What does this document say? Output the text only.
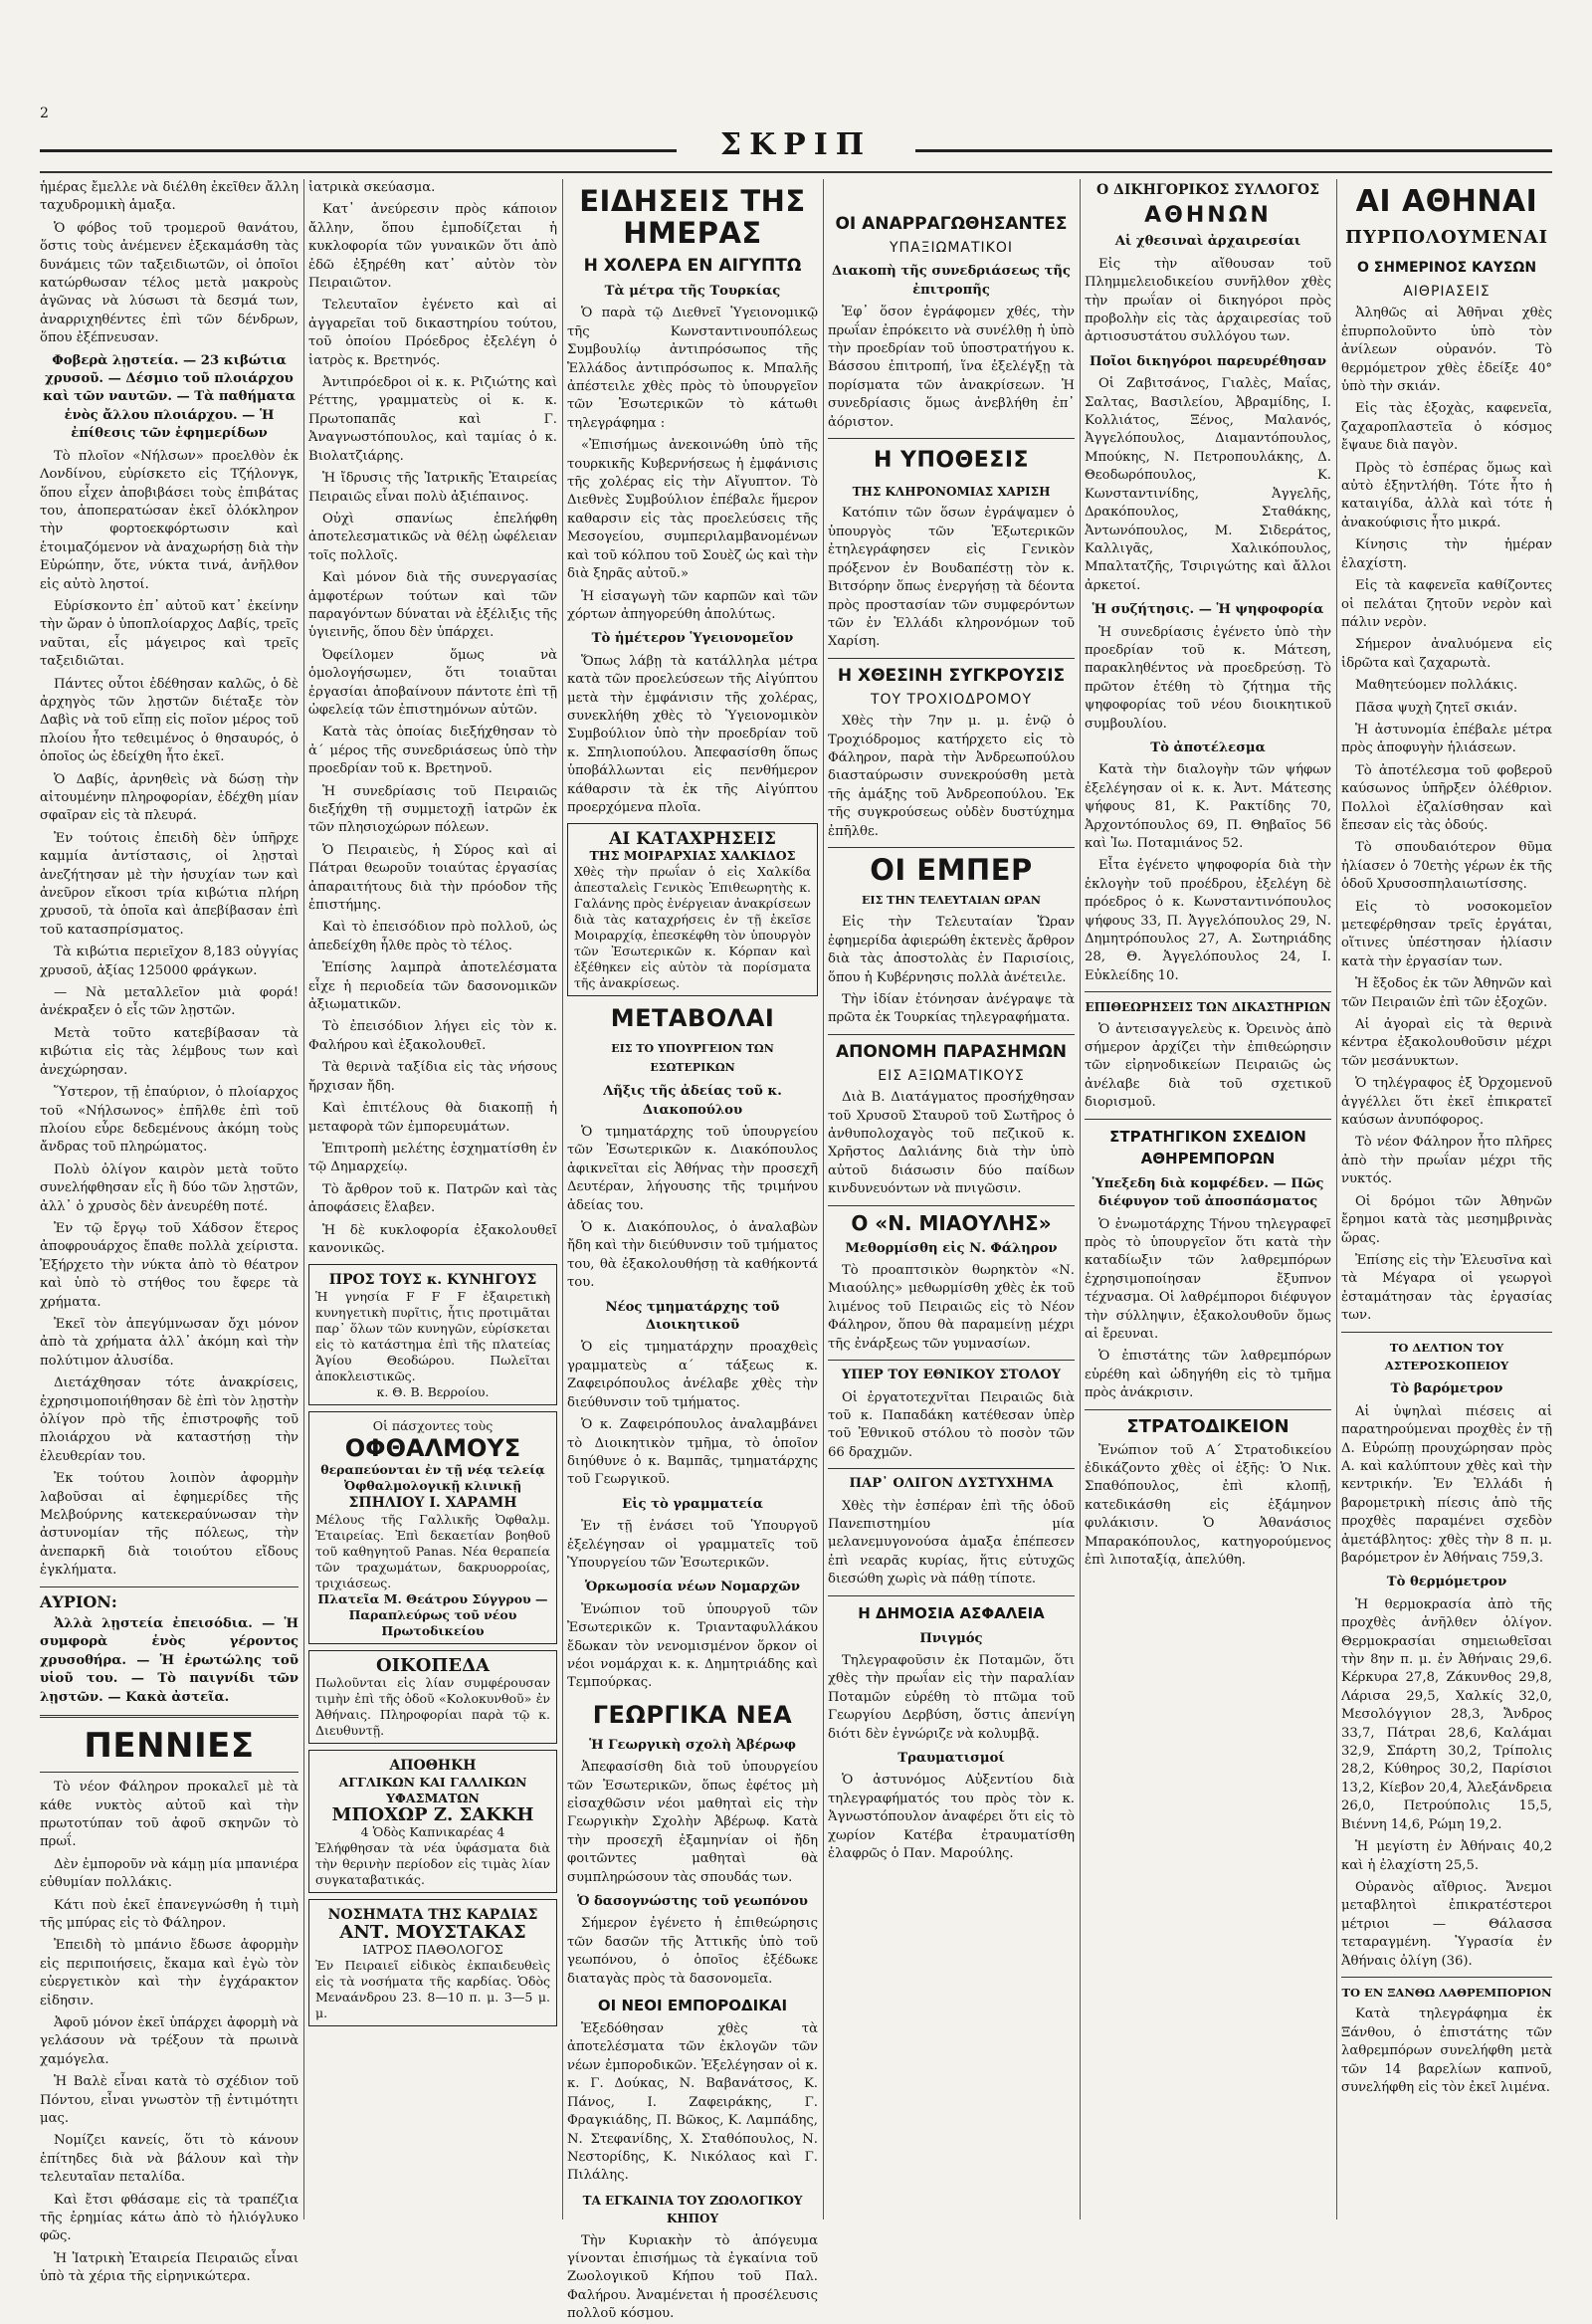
2
ΣΚΡΙΠ

ἡμέρας ἔμελλε νὰ διέλθη ἐκεῖθεν ἄλλη ταχυδρομικὴ ἁμαξα.

Ὁ φόβος τοῦ τρομεροῦ θανάτου, ὅστις τοὺς ἀνέμενεν ἐξεκαμάσθη τὰς δυνάμεις τῶν ταξειδιωτῶν, οἱ ὁποῖοι κατώρθωσαν τέλος μετὰ μακροὺς ἀγῶνας νὰ λύσωσι τὰ δεσμά των, ἀναρριχηθέντες ἐπὶ τῶν δένδρων, ὅπου ἐξέπνευσαν.

Φοβερὰ λῃστεία. — 23 κιβώτια χρυσοῦ. — Δέσμιο τοῦ πλοιάρχου καὶ τῶν ναυτῶν. — Τὰ παθήματα ἑνὸς ἄλλου πλοιάρχου. — Ἡ ἐπίθεσις τῶν ἐφημερίδων

Τὸ πλοῖον «Νήλσων» προελθὸν ἐκ Λονδίνου, εὑρίσκετο εἰς Τζήλονγκ, ὅπου εἶχεν ἀποβιβάσει τοὺς ἐπιβάτας του, ἀποπερατώσαν ἐκεῖ ὁλόκληρον τὴν φορτοεκφόρτωσιν καὶ ἑτοιμαζόμενον νὰ ἀναχωρήσῃ διὰ τὴν Εὐρώπην, ὅτε, νύκτα τινά, ἀνῆλθον εἰς αὐτὸ ληστοί.

Εὑρίσκοντο ἐπ᾽ αὐτοῦ κατ᾽ ἐκείνην τὴν ὥραν ὁ ὑποπλοίαρχος Δαβίς, τρεῖς ναῦται, εἷς μάγειρος καὶ τρεῖς ταξειδιῶται.

Πάντες οὗτοι ἐδέθησαν καλῶς, ὁ δὲ ἀρχηγὸς τῶν λῃστῶν διέταξε τὸν Δαβὶς νὰ τοῦ εἴπῃ εἰς ποῖον μέρος τοῦ πλοίου ἦτο τεθειμένος ὁ θησαυρός, ὁ ὁποῖος ὡς ἐδείχθη ἦτο ἐκεῖ.

Ὁ Δαβίς, ἀρνηθεὶς νὰ δώσῃ τὴν αἰτουμένην πληροφορίαν, ἐδέχθη μίαν σφαῖραν εἰς τὰ πλευρά.

Ἐν τούτοις ἐπειδὴ δὲν ὑπῆρχε καμμία ἀντίστασις, οἱ λῃσταὶ ἀνεζήτησαν μὲ τὴν ἡσυχίαν των καὶ ἀνεῦρον εἴκοσι τρία κιβώτια πλήρη χρυσοῦ, τὰ ὁποῖα καὶ ἀπεβίβασαν ἐπὶ τοῦ κατασπρίσματος.

Τὰ κιβώτια περιεῖχον 8,183 οὐγγίας χρυσοῦ, ἀξίας 125000 φράγκων.

— Νὰ μεταλλεῖον μιὰ φορά! ἀνέκραξεν ὁ εἷς τῶν λῃστῶν.

Μετὰ τοῦτο κατεβίβασαν τὰ κιβώτια εἰς τὰς λέμβους των καὶ ἀνεχώρησαν.

Ὕστερον, τῇ ἐπαύριον, ὁ πλοίαρχος τοῦ «Νήλσωνος» ἐπῆλθε ἐπὶ τοῦ πλοίου εὗρε δεδεμένους ἀκόμη τοὺς ἄνδρας τοῦ πληρώματος.

Πολὺ ὀλίγον καιρὸν μετὰ τοῦτο συνελήφθησαν εἷς ἢ δύο τῶν λῃστῶν, ἀλλ᾽ ὁ χρυσὸς δὲν ἀνευρέθη ποτέ.

Ἐν τῷ ἔργῳ τοῦ Χάδσον ἕτερος ἀποφρουάρχος ἔπαθε πολλὰ χείριστα. Ἐξήρχετο τὴν νύκτα ἀπὸ τὸ θέατρον καὶ ὑπὸ τὸ στήθος του ἔφερε τὰ χρήματα.

Ἐκεῖ τὸν ἀπεγύμνωσαν ὄχι μόνον ἀπὸ τὰ χρήματα ἀλλ᾽ ἀκόμη καὶ τὴν πολύτιμον ἀλυσίδα.

Διετάχθησαν τότε ἀνακρίσεις, ἐχρησιμοποιήθησαν δὲ ἐπὶ τὸν λῃστὴν ὀλίγον πρὸ τῆς ἐπιστροφῆς τοῦ πλοιάρχου νὰ καταστήσῃ τὴν ἐλευθερίαν του.

Ἐκ τούτου λοιπὸν ἀφορμὴν λαβοῦσαι αἱ ἐφημερίδες τῆς Μελβούρνης κατεκεραύνωσαν τὴν ἀστυνομίαν τῆς πόλεως, τὴν ἀνεπαρκῆ διὰ τοιούτου εἴδους ἐγκλήματα.

ΑΥΡΙΟΝ:

Ἀλλὰ λῃστεία ἐπεισόδια. — Ἡ συμφορὰ ἑνὸς γέροντος χρυσοθήρα. — Ἡ ἐρωτώλης τοῦ υἱοῦ του. — Τὸ παιγνίδι τῶν λῃστῶν. — Κακὰ ἀστεῖα.

ΠΕΝΝΙΕΣ

Τὸ νέον Φάληρον προκαλεῖ μὲ τὰ κάθε νυκτὸς αὐτοῦ καὶ τὴν πρωτοτύπαν τοῦ ἀφοῦ σκηνῶν τὸ πρωΐ.

Δὲν ἐμποροῦν νὰ κάμῃ μία μπανιέρα εὐθυμίαν πολλάκις.

Κάτι ποὺ ἐκεῖ ἐπανεγνώσθη ἡ τιμὴ τῆς μπύρας εἰς τὸ Φάληρον.

Ἐπειδὴ τὸ μπάνιο ἔδωσε ἀφορμὴν εἰς περιποιήσεις, ἔκαμα καὶ ἐγὼ τὸν εὐεργετικὸν καὶ τὴν ἐγχάρακτον εἰδησιν.

Ἀφοῦ μόνον ἐκεῖ ὑπάρχει ἀφορμὴ νὰ γελάσουν νὰ τρέξουν τὰ πρωινὰ χαμόγελα.

Ἡ Βαλὲ εἶναι κατὰ τὸ σχέδιον τοῦ Πόντου, εἶναι γνωστὸν τῇ ἐντιμότητι μας.

Νομίζει κανείς, ὅτι τὸ κάνουν ἐπίτηδες διὰ νὰ βάλουν καὶ τὴν τελευταῖαν πεταλίδα.

Καὶ ἔτσι φθάσαμε εἰς τὰ τραπέζια τῆς ἐρημίας κάτω ἀπὸ τὸ ἡλιόγλυκο φῶς.

Ἡ Ἰατρικὴ Ἑταιρεία Πειραιῶς εἶναι ὑπὸ τὰ χέρια τῆς εἰρηνικώτερα.

ἰατρικὰ σκεύασμα.

Κατ᾽ ἀνεύρεσιν πρὸς κάποιον ἄλλην, ὅπου ἐμποδίζεται ἡ κυκλοφορία τῶν γυναικῶν ὅτι ἀπὸ ἐδῶ ἐξηρέθη κατ᾽ αὐτὸν τὸν Πειραιῶτον.

Τελευταῖον ἐγένετο καὶ αἱ ἀγγαρεῖαι τοῦ δικαστηρίου τούτου, τοῦ ὁποίου Πρόεδρος ἐξελέγη ὁ ἰατρὸς κ. Βρετηνός.

Ἀντιπρόεδροι οἱ κ. κ. Ριζιώτης καὶ Ρέττης, γραμματεὺς οἱ κ. κ. Πρωτοπαπᾶς καὶ Γ. Ἀναγνωστόπουλος, καὶ ταμίας ὁ κ. Βιολατζιάρης.

Ἡ ἴδρυσις τῆς Ἰατρικῆς Ἑταιρείας Πειραιῶς εἶναι πολὺ ἀξιέπαινος.

Οὐχὶ σπανίως ἐπελήφθη ἀποτελεσματικῶς νὰ θέλῃ ὠφέλειαν τοῖς πολλοῖς.

Καὶ μόνον διὰ τῆς συνεργασίας ἀμφοτέρων τούτων καὶ τῶν παραγόντων δύναται νὰ ἐξέλιξις τῆς ὑγιεινῆς, ὅπου δὲν ὑπάρχει.

Ὀφείλομεν ὅμως νὰ ὁμολογήσωμεν, ὅτι τοιαῦται ἐργασίαι ἀποβαίνουν πάντοτε ἐπὶ τῇ ὠφελείᾳ τῶν ἐπιστημόνων αὐτῶν.

Κατὰ τὰς ὁποίας διεξήχθησαν τὸ ἀ΄ μέρος τῆς συνεδριάσεως ὑπὸ τὴν προεδρίαν τοῦ κ. Βρετηνοῦ.

Ἡ συνεδρίασις τοῦ Πειραιῶς διεξήχθη τῇ συμμετοχῇ ἰατρῶν ἐκ τῶν πλησιοχώρων πόλεων.

Ὁ Πειραιεὺς, ἡ Σύρος καὶ αἱ Πάτραι θεωροῦν τοιαύτας ἐργασίας ἀπαραιτήτους διὰ τὴν πρόοδον τῆς ἐπιστήμης.

Καὶ τὸ ἐπεισόδιον πρὸ πολλοῦ, ὡς ἀπεδείχθη ἦλθε πρὸς τὸ τέλος.

Ἐπίσης λαμπρὰ ἀποτελέσματα εἶχε ἡ περιοδεία τῶν δασονομικῶν ἀξιωματικῶν.

Τὸ ἐπεισόδιον λήγει εἰς τὸν κ. Φαλήρου καὶ ἐξακολουθεῖ.

Τὰ θερινὰ ταξίδια εἰς τὰς νήσους ἤρχισαν ἤδη.

Καὶ ἐπιτέλους θὰ διακοπῇ ἡ μεταφορὰ τῶν ἐμπορευμάτων.

Ἐπιτροπὴ μελέτης ἐσχηματίσθη ἐν τῷ Δημαρχείῳ.

Τὸ ἄρθρον τοῦ κ. Πατρῶν καὶ τὰς ἀποφάσεις ἔλαβεν.

Ἡ δὲ κυκλοφορία ἐξακολουθεῖ κανονικῶς.

ΠΡΟΣ ΤΟΥΣ κ. ΚΥΝΗΓΟΥΣ
Ἡ γνησία F F F ἐξαιρετικὴ κυνηγετικὴ πυρῖτις, ἧτις προτιμᾶται παρ᾽ ὅλων τῶν κυνηγῶν, εὑρίσκεται εἰς τὸ κατάστημα ἐπὶ τῆς πλατείας Ἁγίου Θεοδώρου. Πωλεῖται ἀποκλειστικῶς.
κ. Θ. Β. Βερροίου.
Οἱ πάσχοντες τοὺς
ΟΦΘΑΛΜΟΥΣ
θεραπεύονται ἐν τῇ νέᾳ τελείᾳ Ὀφθαλμολογικῇ κλινικῇ
ΣΠΗΛΙΟΥ Ι. ΧΑΡΑΜΗ
Μέλους τῆς Γαλλικῆς Ὀφθαλμ. Ἑταιρείας. Ἐπὶ δεκαετίαν βοηθοῦ τοῦ καθηγητοῦ Panas. Νέα θεραπεία τῶν τραχωμάτων, δακρυορροίας, τριχιάσεως.
Πλατεῖα Μ. Θεάτρου Σύγγρου — Παραπλεύρως τοῦ νέου Πρωτοδικείου
ΟΙΚΟΠΕΔΑ
Πωλοῦνται εἰς λίαν συμφέρουσαν τιμὴν ἐπὶ τῆς ὁδοῦ «Κολοκυνθοῦ» ἐν Ἀθήναις. Πληροφορίαι παρὰ τῷ κ. Διευθυντῇ.
ΑΠΟΘΗΚΗ
ΑΓΓΛΙΚΩΝ ΚΑΙ ΓΑΛΛΙΚΩΝ ΥΦΑΣΜΑΤΩΝ
ΜΠΟΧΩΡ Ζ. ΣΑΚΚΗ
4 Ὁδὸς Καπνικαρέας 4
Ἐλήφθησαν τὰ νέα ὑφάσματα διὰ τὴν θερινὴν περίοδον εἰς τιμὰς λίαν συγκαταβατικάς.
ΝΟΣΗΜΑΤΑ ΤΗΣ ΚΑΡΔΙΑΣ
ΑΝΤ. ΜΟΥΣΤΑΚΑΣ
ΙΑΤΡΟΣ ΠΑΘΟΛΟΓΟΣ
Ἐν Πειραιεῖ εἰδικὸς ἐκπαιδευθεὶς εἰς τὰ νοσήματα τῆς καρδίας. Ὁδὸς Μεναάνδρου 23. 8—10 π. μ. 3—5 μ. μ.
ΕΙΔΗΣΕΙΣ ΤΗΣ ΗΜΕΡΑΣ
Η ΧΟΛΕΡΑ ΕΝ ΑΙΓΥΠΤΩ
Τὰ μέτρα τῆς Τουρκίας

Ὁ παρὰ τῷ Διεθνεῖ Ὑγειονομικῷ τῆς Κωνσταντινουπόλεως Συμβουλίῳ ἀντιπρόσωπος τῆς Ἑλλάδος ἀντιπρόσωπος κ. Μπαλῆς ἀπέστειλε χθὲς πρὸς τὸ ὑπουργεῖον τῶν Ἐσωτερικῶν τὸ κάτωθι τηλεγράφημα :

«Ἐπισήμως ἀνεκοινώθη ὑπὸ τῆς τουρκικῆς Κυβερνήσεως ἡ ἐμφάνισις τῆς χολέρας εἰς τὴν Αἴγυπτον. Τὸ Διεθνὲς Συμβούλιον ἐπέβαλε ἥμερον καθαρσιν εἰς τὰς προελεύσεις τῆς Μεσογείου, συμπεριλαμβανομένων καὶ τοῦ κόλπου τοῦ Σουὲζ ὡς καὶ τὴν διὰ ξηρᾶς αὐτοῦ.»

Ἡ εἰσαγωγὴ τῶν καρπῶν καὶ τῶν χόρτων ἀπηγορεύθη ἀπολύτως.

Τὸ ἡμέτερον Ὑγειονομεῖον

Ὅπως λάβῃ τὰ κατάλληλα μέτρα κατὰ τῶν προελεύσεων τῆς Αἰγύπτου μετὰ τὴν ἐμφάνισιν τῆς χολέρας, συνεκλήθη χθὲς τὸ Ὑγειονομικὸν Συμβούλιον ὑπὸ τὴν προεδρίαν τοῦ κ. Σπηλιοπούλου. Ἀπεφασίσθη ὅπως ὑποβάλλωνται εἰς πενθήμερον κάθαρσιν τὰ ἐκ τῆς Αἰγύπτου προερχόμενα πλοῖα.

ΑΙ ΚΑΤΑΧΡΗΣΕΙΣ
ΤΗΣ ΜΟΙΡΑΡΧΙΑΣ ΧΑΛΚΙΔΟΣ
Χθὲς τὴν πρωΐαν ὁ εἰς Χαλκίδα ἀπεσταλεὶς Γενικὸς Ἐπιθεωρητὴς κ. Γαλάνης πρὸς ἐνέργειαν ἀνακρίσεων διὰ τὰς καταχρήσεις ἐν τῇ ἐκεῖσε Μοιραρχίᾳ, ἐπεσκέφθη τὸν ὑπουργὸν τῶν Ἐσωτερικῶν κ. Κόρπαν καὶ ἐξέθηκεν εἰς αὐτὸν τὰ πορίσματα τῆς ἀνακρίσεως.
ΜΕΤΑΒΟΛΑΙ
ΕΙΣ ΤΟ ΥΠΟΥΡΓΕΙΟΝ ΤΩΝ ΕΣΩΤΕΡΙΚΩΝ
Λῆξις τῆς ἀδείας τοῦ κ. Διακοπούλου

Ὁ τμηματάρχης τοῦ ὑπουργείου τῶν Ἐσωτερικῶν κ. Διακόπουλος ἀφικνεῖται εἰς Ἀθήνας τὴν προσεχῆ Δευτέραν, λήγουσης τῆς τριμήνου ἀδείας του.

Ὁ κ. Διακόπουλος, ὁ ἀναλαβὼν ἤδη καὶ τὴν διεύθυνσιν τοῦ τμήματος του, θὰ ἐξακολουθήσῃ τὰ καθήκοντά του.

Νέος τμηματάρχης τοῦ Διοικητικοῦ

Ὁ εἰς τμηματάρχην προαχθεὶς γραμματεὺς α΄ τάξεως κ. Ζαφειρόπουλος ἀνέλαβε χθὲς τὴν διεύθυνσιν τοῦ τμήματος.

Ὁ κ. Ζαφειρόπουλος ἀναλαμβάνει τὸ Διοικητικὸν τμῆμα, τὸ ὁποῖον διηύθυνε ὁ κ. Βαμπᾶς, τμηματάρχης τοῦ Γεωργικοῦ.

Εἰς τὸ γραμματεία

Ἐν τῇ ἐνάσει τοῦ Ὑπουργοῦ ἐξελέγησαν οἱ γραμματεῖς τοῦ Ὑπουργείου τῶν Ἐσωτερικῶν.

Ὁρκωμοσία νέων Νομαρχῶν

Ἐνώπιον τοῦ ὑπουργοῦ τῶν Ἐσωτερικῶν κ. Τριανταφυλλάκου ἔδωκαν τὸν νενομισμένον ὅρκον οἱ νέοι νομάρχαι κ. κ. Δημητριάδης καὶ Τεμπούρκας.

ΓΕΩΡΓΙΚΑ ΝΕΑ
Ἡ Γεωργικὴ σχολὴ Ἀβέρωφ

Ἀπεφασίσθη διὰ τοῦ ὑπουργείου τῶν Ἐσωτερικῶν, ὅπως ἐφέτος μὴ εἰσαχθῶσιν νέοι μαθηταὶ εἰς τὴν Γεωργικὴν Σχολὴν Ἀβέρωφ. Κατὰ τὴν προσεχῆ ἐξαμηνίαν οἱ ἤδη φοιτῶντες μαθηταὶ θὰ συμπληρώσουν τὰς σπουδάς των.

Ὁ δασογνώστης τοῦ γεωπόνου

Σήμερον ἐγένετο ἡ ἐπιθεώρησις τῶν δασῶν τῆς Ἀττικῆς ὑπὸ τοῦ γεωπόνου, ὁ ὁποῖος ἐξέδωκε διαταγὰς πρὸς τὰ δασονομεῖα.

ΟΙ ΝΕΟΙ ΕΜΠΟΡΟΔΙΚΑΙ

Ἐξεδόθησαν χθὲς τὰ ἀποτελέσματα τῶν ἐκλογῶν τῶν νέων ἐμποροδικῶν. Ἐξελέγησαν οἱ κ. κ. Γ. Δούκας, Ν. Βαβανάτσος, Κ. Πάνος, Ι. Ζαφειράκης, Γ. Φραγκιάδης, Π. Βῶκος, Κ. Λαμπάδης, Ν. Στεφανίδης, Χ. Σταθόπουλος, Ν. Νεστορίδης, Κ. Νικόλαος καὶ Γ. Πιλάλης.

ΤΑ ΕΓΚΑΙΝΙΑ ΤΟΥ ΖΩΟΛΟΓΙΚΟΥ ΚΗΠΟΥ

Τὴν Κυριακὴν τὸ ἀπόγευμα γίνονται ἐπισήμως τὰ ἐγκαίνια τοῦ Ζωολογικοῦ Κήπου τοῦ Παλ. Φαλήρου. Ἀναμένεται ἡ προσέλευσις πολλοῦ κόσμου.

ΟΙ ΑΝΑΡΡΑΓΩΘΗΣΑΝΤΕΣ
ΥΠΑΞΙΩΜΑΤΙΚΟΙ
Διακοπὴ τῆς συνεδριάσεως τῆς ἐπιτροπῆς

Ἐφ᾽ ὅσον ἐγράφομεν χθές, τὴν πρωΐαν ἐπρόκειτο νὰ συνέλθῃ ἡ ὑπὸ τὴν προεδρίαν τοῦ ὑποστρατήγου κ. Βάσσου ἐπιτροπή, ἵνα ἐξελέγξῃ τὰ πορίσματα τῶν ἀνακρίσεων. Ἡ συνεδρίασις ὅμως ἀνεβλήθη ἐπ᾽ ἀόριστον.

Η ΥΠΟΘΕΣΙΣ
ΤΗΣ ΚΛΗΡΟΝΟΜΙΑΣ ΧΑΡΙΣΗ

Κατόπιν τῶν ὅσων ἐγράψαμεν ὁ ὑπουργὸς τῶν Ἐξωτερικῶν ἐτηλεγράφησεν εἰς Γενικὸν πρόξενον ἐν Βουδαπέστῃ τὸν κ. Βιτσόρην ὅπως ἐνεργήσῃ τὰ δέοντα πρὸς προστασίαν τῶν συμφερόντων τῶν ἐν Ἑλλάδι κληρονόμων τοῦ Χαρίση.

Η ΧΘΕΣΙΝΗ ΣΥΓΚΡΟΥΣΙΣ
ΤΟΥ ΤΡΟΧΙΟΔΡΟΜΟΥ

Χθὲς τὴν 7ην μ. μ. ἐνῷ ὁ Τροχιόδρομος κατήρχετο εἰς τὸ Φάληρον, παρὰ τὴν Ἀνδρεωπούλου διασταύρωσιν συνεκρούσθη μετὰ τῆς ἁμάξης τοῦ Ἀνδρεοπούλου. Ἐκ τῆς συγκρούσεως οὐδὲν δυστύχημα ἐπῆλθε.

ΟΙ ΕΜΠΕΡ
ΕΙΣ ΤΗΝ ΤΕΛΕΥΤΑΙΑΝ ΩΡΑΝ

Εἰς τὴν Τελευταίαν Ὥραν ἐφημερίδα ἀφιερώθη ἐκτενὲς ἄρθρον διὰ τὰς ἀποστολὰς ἐν Παρισίοις, ὅπου ἡ Κυβέρνησις πολλὰ ἀνέτειλε.

Τὴν ἰδίαν ἐτόνησαν ἀνέγραψε τὰ πρῶτα ἐκ Τουρκίας τηλεγραφήματα.

ΑΠΟΝΟΜΗ ΠΑΡΑΣΗΜΩΝ
ΕΙΣ ΑΞΙΩΜΑΤΙΚΟΥΣ

Διὰ Β. Διατάγματος προσήχθησαν τοῦ Χρυσοῦ Σταυροῦ τοῦ Σωτῆρος ὁ ἀνθυπολοχαγὸς τοῦ πεζικοῦ κ. Χρῆστος Δαλιάνης διὰ τὴν ὑπὸ αὐτοῦ διάσωσιν δύο παίδων κινδυνευόντων νὰ πνιγῶσιν.

Ο «Ν. ΜΙΑΟΥΛΗΣ»
Μεθορμίσθη εἰς Ν. Φάληρον

Τὸ προαπτσικὸν θωρηκτὸν «Ν. Μιαούλης» μεθωρμίσθη χθὲς ἐκ τοῦ λιμένος τοῦ Πειραιῶς εἰς τὸ Νέον Φάληρον, ὅπου θὰ παραμείνῃ μέχρι τῆς ἐνάρξεως τῶν γυμνασίων.

ΥΠΕΡ ΤΟΥ ΕΘΝΙΚΟΥ ΣΤΟΛΟΥ

Οἱ ἐργατοτεχνῖται Πειραιῶς διὰ τοῦ κ. Παπαδάκη κατέθεσαν ὑπὲρ τοῦ Ἐθνικοῦ στόλου τὸ ποσὸν τῶν 66 δραχμῶν.

ΠΑΡ᾽ ΟΛΙΓΟΝ ΔΥΣΤΥΧΗΜΑ

Χθὲς τὴν ἑσπέραν ἐπὶ τῆς ὁδοῦ Πανεπιστημίου μία μελανεμυγονούσα ἀμαξα ἐπέπεσεν ἐπὶ νεαρᾶς κυρίας, ἥτις εὐτυχῶς διεσώθη χωρὶς νὰ πάθῃ τίποτε.

Η ΔΗΜΟΣΙΑ ΑΣΦΑΛΕΙΑ
Πνιγμός

Τηλεγραφοῦσιν ἐκ Ποταμῶν, ὅτι χθὲς τὴν πρωΐαν εἰς τὴν παραλίαν Ποταμῶν εὑρέθη τὸ πτῶμα τοῦ Γεωργίου Δερβύση, ὅστις ἀπενίγη διότι δὲν ἐγνώριζε νὰ κολυμβᾷ.

Τραυματισμοί

Ὁ ἀστυνόμος Αὐξεντίου διὰ τηλεγραφήματός του πρὸς τὸν κ. Ἀγνωστόπουλον ἀναφέρει ὅτι εἰς τὸ χωρίον Κατέβα ἐτραυματίσθη ἐλαφρῶς ὁ Παν. Μαρούλης.

Ο ΔΙΚΗΓΟΡΙΚΟΣ ΣΥΛΛΟΓΟΣ
ΑΘΗΝΩΝ
Αἱ χθεσιναὶ ἀρχαιρεσίαι

Εἰς τὴν αἴθουσαν τοῦ Πλημμελειοδικείου συνῆλθον χθὲς τὴν πρωΐαν οἱ δικηγόροι πρὸς προβολὴν εἰς τὰς ἀρχαιρεσίας τοῦ ἀρτιοσυστάτου συλλόγου των.

Ποῖοι δικηγόροι παρευρέθησαν

Οἱ Ζαβιτσάνος, Γιαλὲς, Μαΐας, Σαλτας, Βασιλείου, Ἀβραμίδης, Ι. Κολλιάτος, Ξένος, Μαλανός, Ἀγγελόπουλος, Διαμαντόπουλος, Μπούκης, Ν. Πετροπουλάκης, Δ. Θεοδωρόπουλος, Κ. Κωνσταντινίδης, Ἀγγελῆς, Δρακόπουλος, Σταθάκης, Ἀντωνόπουλος, Μ. Σιδεράτος, Καλλιγᾶς, Χαλικόπουλος, Μπαλτατζῆς, Τσιριγώτης καὶ ἄλλοι ἀρκετοί.

Ἡ συζήτησις. — Ἡ ψηφοφορία

Ἡ συνεδρίασις ἐγένετο ὑπὸ τὴν προεδρίαν τοῦ κ. Μάτεση, παρακληθέντος νὰ προεδρεύσῃ. Τὸ πρῶτον ἐτέθη τὸ ζήτημα τῆς ψηφοφορίας τοῦ νέου διοικητικοῦ συμβουλίου.

Τὸ ἀποτέλεσμα

Κατὰ τὴν διαλογὴν τῶν ψήφων ἐξελέγησαν οἱ κ. κ. Ἀντ. Μάτεσης ψήφους 81, Κ. Ρακτίδης 70, Ἀρχοντόπουλος 69, Π. Θηβαῖος 56 καὶ Ἰω. Ποταμιάνος 52.

Εἶτα ἐγένετο ψηφοφορία διὰ τὴν ἐκλογὴν τοῦ προέδρου, ἐξελέγη δὲ πρόεδρος ὁ κ. Κωνσταντινόπουλος ψήφους 33, Π. Ἀγγελόπουλος 29, Ν. Δημητρόπουλος 27, Α. Σωτηριάδης 28, Θ. Ἀγγελόπουλος 24, Ι. Εὐκλείδης 10.

ΕΠΙΘΕΩΡΗΣΕΙΣ ΤΩΝ ΔΙΚΑΣΤΗΡΙΩΝ

Ὁ ἀντεισαγγελεὺς κ. Ὀρεινὸς ἀπὸ σήμερον ἀρχίζει τὴν ἐπιθεώρησιν τῶν εἰρηνοδικείων Πειραιῶς ὡς ἀνέλαβε διὰ τοῦ σχετικοῦ διορισμοῦ.

ΣΤΡΑΤΗΓΙΚΟΝ ΣΧΕΔΙΟΝ ΑΘΗΡΕΜΠΟΡΩΝ
Ὑπεξεδη διὰ κομφέδεν. — Πῶς διέφυγον τοῦ ἀποσπάσματος

Ὁ ἐνωμοτάρχης Τήνου τηλεγραφεῖ πρὸς τὸ ὑπουργεῖον ὅτι κατὰ τὴν καταδίωξιν τῶν λαθρεμπόρων ἐχρησιμοποίησαν ἔξυπνον τέχνασμα. Οἱ λαθρέμποροι διέφυγον τὴν σύλληψιν, ἐξακολουθοῦν ὅμως αἱ ἔρευναι.

Ὁ ἐπιστάτης τῶν λαθρεμπόρων εὑρέθη καὶ ὡδηγήθη εἰς τὸ τμῆμα πρὸς ἀνάκρισιν.

ΣΤΡΑΤΟΔΙΚΕΙΟΝ

Ἐνώπιον τοῦ Α΄ Στρατοδικείου ἐδικάζοντο χθὲς οἱ ἑξῆς: Ὁ Νικ. Σπαθόπουλος, ἐπὶ κλοπῇ, κατεδικάσθη εἰς ἑξάμηνον φυλάκισιν. Ὁ Ἀθανάσιος Μπαρακόπουλος, κατηγορούμενος ἐπὶ λιποταξίᾳ, ἀπελύθη.

ΑΙ ΑΘΗΝΑΙ
ΠΥΡΠΟΛΟΥΜΕΝΑΙ
Ο ΣΗΜΕΡΙΝΟΣ ΚΑΥΣΩΝ
ΑΙΘΡΙΑΣΕΙΣ

Ἀληθῶς αἱ Ἀθῆναι χθὲς ἐπυρπολοῦντο ὑπὸ τὸν ἀνίλεων οὐρανόν. Τὸ θερμόμετρον χθὲς ἐδείξε 40° ὑπὸ τὴν σκιάν.

Εἰς τὰς ἐξοχὰς, καφενεῖα, ζαχαροπλαστεῖα ὁ κόσμος ἔψαυε διὰ παγὸν.

Πρὸς τὸ ἑσπέρας ὅμως καὶ αὐτὸ ἐξηντλήθη. Τότε ἦτο ἡ καταιγίδα, ἀλλὰ καὶ τότε ἡ ἀνακούφισις ἦτο μικρά.

Κίνησις τὴν ἡμέραν ἐλαχίστη.

Εἰς τὰ καφενεῖα καθίζοντες οἱ πελάται ζητοῦν νερὸν καὶ πάλιν νερὸν.

Σήμερον ἀναλυόμενα εἰς ἱδρῶτα καὶ ζαχαρωτὰ.

Μαθητεύομεν πολλάκις.

Πᾶσα ψυχὴ ζητεῖ σκιάν.

Ἡ ἀστυνομία ἐπέβαλε μέτρα πρὸς ἀποφυγὴν ἡλιάσεων.

Τὸ ἀποτέλεσμα τοῦ φοβεροῦ καύσωνος ὑπῆρξεν ὀλέθριον. Πολλοὶ ἐζαλίσθησαν καὶ ἔπεσαν εἰς τὰς ὁδούς.

Τὸ σπουδαιότερον θῦμα ἠλίασεν ὁ 70ετὴς γέρων ἐκ τῆς ὁδοῦ Χρυσοσπηλαιωτίσσης.

Εἰς τὸ νοσοκομεῖον μετεφέρθησαν τρεῖς ἐργάται, οἵτινες ὑπέστησαν ἡλίασιν κατὰ τὴν ἐργασίαν των.

Ἡ ἔξοδος ἐκ τῶν Ἀθηνῶν καὶ τῶν Πειραιῶν ἐπὶ τῶν ἐξοχῶν.

Αἱ ἀγοραὶ εἰς τὰ θερινὰ κέντρα ἐξακολουθοῦσιν μέχρι τῶν μεσάνυκτων.

Ὁ τηλέγραφος ἐξ Ὀρχομενοῦ ἀγγέλλει ὅτι ἐκεῖ ἐπικρατεῖ καύσων ἀνυπόφορος.

Τὸ νέον Φάληρον ἦτο πλῆρες ἀπὸ τὴν πρωΐαν μέχρι τῆς νυκτός.

Οἱ δρόμοι τῶν Ἀθηνῶν ἔρημοι κατὰ τὰς μεσημβρινὰς ὥρας.

Ἐπίσης εἰς τὴν Ἐλευσῖνα καὶ τὰ Μέγαρα οἱ γεωργοὶ ἐσταμάτησαν τὰς ἐργασίας των.

ΤΟ ΔΕΛΤΙΟΝ ΤΟΥ ΑΣΤΕΡΟΣΚΟΠΕΙΟΥ
Τὸ βαρόμετρον

Αἱ ὑψηλαὶ πιέσεις αἱ παρατηρούμεναι προχθὲς ἐν τῇ Δ. Εὐρώπῃ προυχώρησαν πρὸς Α. καὶ καλύπτουν χθὲς καὶ τὴν κεντρικήν. Ἐν Ἑλλάδι ἡ βαρομετρικὴ πίεσις ἀπὸ τῆς προχθὲς παραμένει σχεδὸν ἀμετάβλητος: χθὲς τὴν 8 π. μ. βαρόμετρον ἐν Ἀθήναις 759,3.

Τὸ θερμόμετρον

Ἡ θερμοκρασία ἀπὸ τῆς προχθὲς ἀνῆλθεν ὀλίγον. Θερμοκρασίαι σημειωθεῖσαι τὴν 8ην π. μ. ἐν Ἀθήναις 29,6. Κέρκυρα 27,8, Ζάκυνθος 29,8, Λάρισα 29,5, Χαλκίς 32,0, Μεσολόγγιον 28,3, Ἄνδρος 33,7, Πάτραι 28,6, Καλάμαι 32,9, Σπάρτη 30,2, Τρίπολις 28,2, Κύθηρος 30,2, Παρίσιοι 13,2, Κίεβον 20,4, Ἀλεξάνδρεια 26,0, Πετρούπολις 15,5, Βιέννη 14,6, Ρώμη 19,2.

Ἡ μεγίστη ἐν Ἀθήναις 40,2 καὶ ἡ ἐλαχίστη 25,5.

Οὐρανὸς αἴθριος. Ἄνεμοι μεταβλητοὶ ἐπικρατέστεροι μέτριοι — Θάλασσα τεταραγμένη. Ὑγρασία ἐν Ἀθήναις ὀλίγη (36).

ΤΟ ΕΝ ΞΑΝΘΩ ΛΑΘΡΕΜΠΟΡΙΟΝ

Κατὰ τηλεγράφημα ἐκ Ξάνθου, ὁ ἐπιστάτης τῶν λαθρεμπόρων συνελήφθη μετὰ τῶν 14 βαρελίων καπνοῦ, συνελήφθη εἰς τὸν ἐκεῖ λιμένα.
